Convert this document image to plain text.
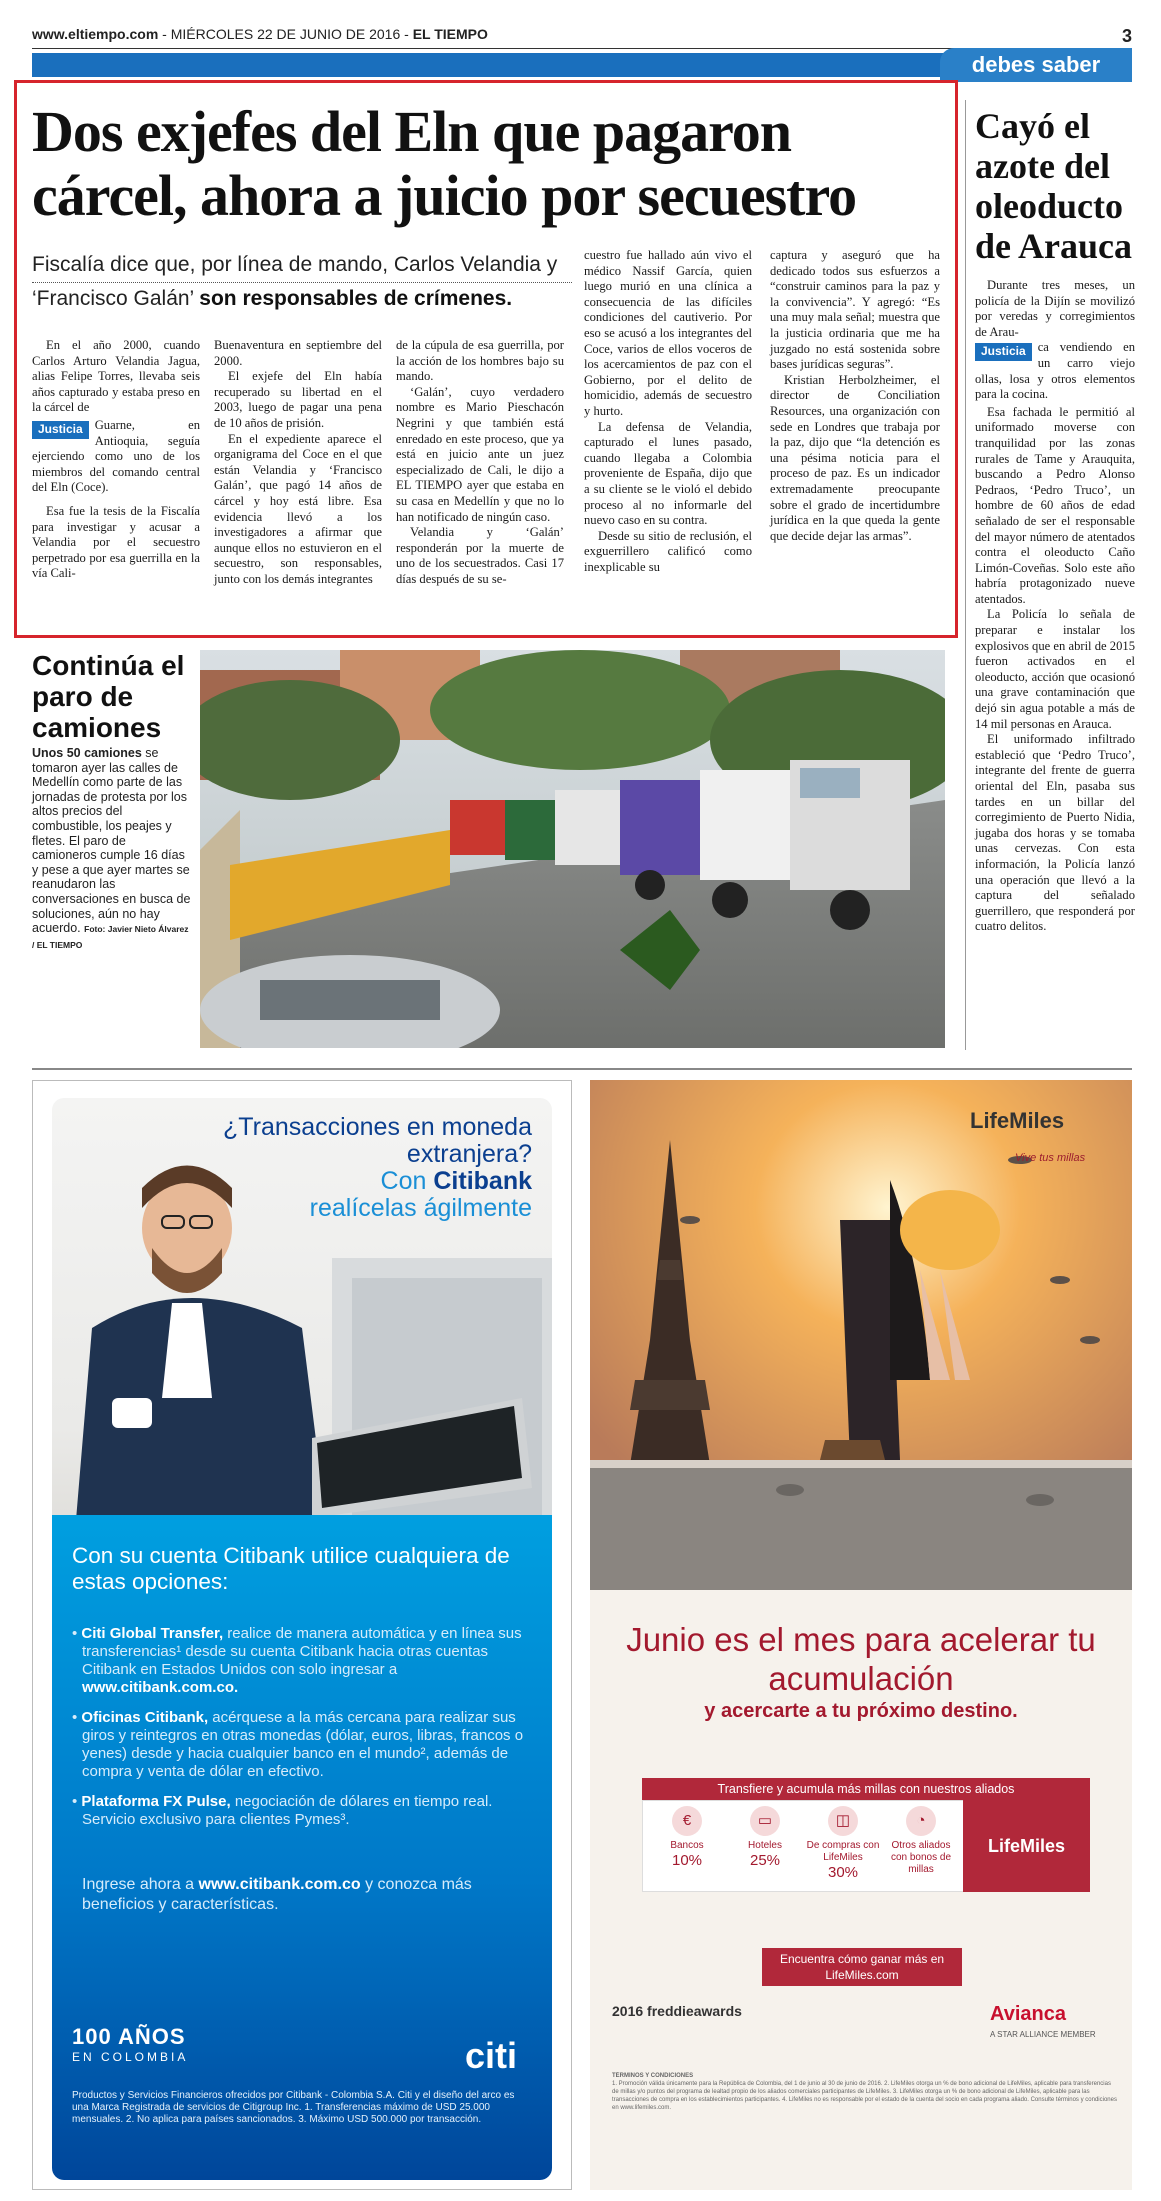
www.eltiempo.com - MIÉRCOLES 22 DE JUNIO DE 2016 - EL TIEMPO	3
debes saber
Dos exjefes del Eln que pagaron cárcel, ahora a juicio por secuestro
Fiscalía dice que, por línea de mando, Carlos Velandia y ‘Francisco Galán’ son responsables de crímenes.

En el año 2000, cuando Carlos Arturo Velandia Jagua, alias Felipe Torres, llevaba seis años capturado y estaba preso en la cárcel de

Justicia Guarne, en Antioquia, seguía ejerciendo como uno de los miembros del comando central del Eln (Coce).

Esa fue la tesis de la Fiscalía para investigar y acusar a Velandia por el secuestro perpetrado por esa guerrilla en la vía Cali-

Buenaventura en septiembre del 2000.

El exjefe del Eln había recuperado su libertad en el 2003, luego de pagar una pena de 10 años de prisión.

En el expediente aparece el organigrama del Coce en el que están Velandia y ‘Francisco Galán’, que pagó 14 años de cárcel y hoy está libre. Esa evidencia llevó a los investigadores a afirmar que aunque ellos no estuvieron en el secuestro, son responsables, junto con los demás integrantes

de la cúpula de esa guerrilla, por la acción de los hombres bajo su mando.

‘Galán’, cuyo verdadero nombre es Mario Pieschacón Negrini y que también está enredado en este proceso, que ya está en juicio ante un juez especializado de Cali, le dijo a EL TIEMPO ayer que estaba en su casa en Medellín y que no lo han notificado de ningún caso.

Velandia y ‘Galán’ responderán por la muerte de uno de los secuestrados. Casi 17 días después de su se-

cuestro fue hallado aún vivo el médico Nassif García, quien luego murió en una clínica a consecuencia de las difíciles condiciones del cautiverio. Por eso se acusó a los integrantes del Coce, varios de ellos voceros de los acercamientos de paz con el Gobierno, por el delito de homicidio, además de secuestro y hurto.

La defensa de Velandia, capturado el lunes pasado, cuando llegaba a Colombia proveniente de España, dijo que a su cliente se le violó el debido proceso al no informarle del nuevo caso en su contra.

Desde su sitio de reclusión, el exguerrillero calificó como inexplicable su

captura y aseguró que ha dedicado todos sus esfuerzos a “construir caminos para la paz y la convivencia”. Y agregó: “Es una muy mala señal; muestra que la justicia ordinaria que me ha juzgado no está sostenida sobre bases jurídicas seguras”.

Kristian Herbolzheimer, el director de Conciliation Resources, una organización con sede en Londres que trabaja por la paz, dijo que “la detención es una pésima noticia para el proceso de paz. Es un indicador extremadamente preocupante sobre el grado de incertidumbre jurídica en la que queda la gente que decide dejar las armas”.

Cayó el azote del oleoducto de Arauca

Durante tres meses, un policía de la Dijín se movilizó por veredas y corregimientos de Arau-

Justicia ca vendiendo en un carro viejo ollas, losa y otros elementos para la cocina.

Esa fachada le permitió al uniformado moverse con tranquilidad por las zonas rurales de Tame y Arauquita, buscando a Pedro Alonso Pedraos, ‘Pedro Truco’, un hombre de 60 años de edad señalado de ser el responsable del mayor número de atentados contra el oleoducto Caño Limón-Coveñas. Solo este año habría protagonizado nueve atentados.

La Policía lo señala de preparar e instalar los explosivos que en abril de 2015 fueron activados en el oleoducto, acción que ocasionó una grave contaminación que dejó sin agua potable a más de 14 mil personas en Arauca.

El uniformado infiltrado estableció que ‘Pedro Truco’, integrante del frente de guerra oriental del Eln, pasaba sus tardes en un billar del corregimiento de Puerto Nidia, jugaba dos horas y se tomaba unas cervezas. Con esta información, la Policía lanzó una operación que llevó a la captura del señalado guerrillero, que responderá por cuatro delitos.

Continúa el paro de camiones
Unos 50 camiones se tomaron ayer las calles de Medellín como parte de las jornadas de protesta por los altos precios del combustible, los peajes y fletes. El paro de camioneros cumple 16 días y pese a que ayer martes se reanudaron las conversaciones en busca de soluciones, aún no hay acuerdo. Foto: Javier Nieto Álvarez / EL TIEMPO
¿Transacciones en moneda extranjera?
Con Citibank
realícelas ágilmente
Con su cuenta Citibank utilice cualquiera de estas opciones:
• Citi Global Transfer, realice de manera automática y en línea sus transferencias¹ desde su cuenta Citibank hacia otras cuentas Citibank en Estados Unidos con solo ingresar a www.citibank.com.co.
• Oficinas Citibank, acérquese a la más cercana para realizar sus giros y reintegros en otras monedas (dólar, euros, libras, francos o yenes) desde y hacia cualquier banco en el mundo², además de compra y venta de dólar en efectivo.
• Plataforma FX Pulse, negociación de dólares en tiempo real. Servicio exclusivo para clientes Pymes³.
Ingrese ahora a www.citibank.com.co y conozca más beneficios y características.
100 AÑOS
EN COLOMBIA	citi
Productos y Servicios Financieros ofrecidos por Citibank - Colombia S.A. Citi y el diseño del arco es una Marca Registrada de servicios de Citigroup Inc. 1. Transferencias máximo de USD 25.000 mensuales. 2. No aplica para países sancionados. 3. Máximo USD 500.000 por transacción.
LifeMiles
Vive tus millas
Junio es el mes para acelerar tu acumulación
y acercarte a tu próximo destino.
Transfiere y acumula más millas con nuestros aliados
€
Bancos
10%
▭
Hoteles
25%
◫
De compras con LifeMiles
30%
◔
Otros aliados con bonos de millas
LifeMiles
Encuentra cómo ganar más en LifeMiles.com
2016 freddieawards	Avianca
A STAR ALLIANCE MEMBER
TÉRMINOS Y CONDICIONES
1. Promoción válida únicamente para la República de Colombia, del 1 de junio al 30 de junio de 2016. 2. LifeMiles otorga un % de bono adicional de LifeMiles, aplicable para transferencias de millas y/o puntos del programa de lealtad propio de los aliados comerciales participantes de LifeMiles. 3. LifeMiles otorga un % de bono adicional de LifeMiles, aplicable para las transacciones de compra en los establecimientos participantes. 4. LifeMiles no es responsable por el estado de la cuenta del socio en cada programa aliado. Consulte términos y condiciones en www.lifemiles.com.
